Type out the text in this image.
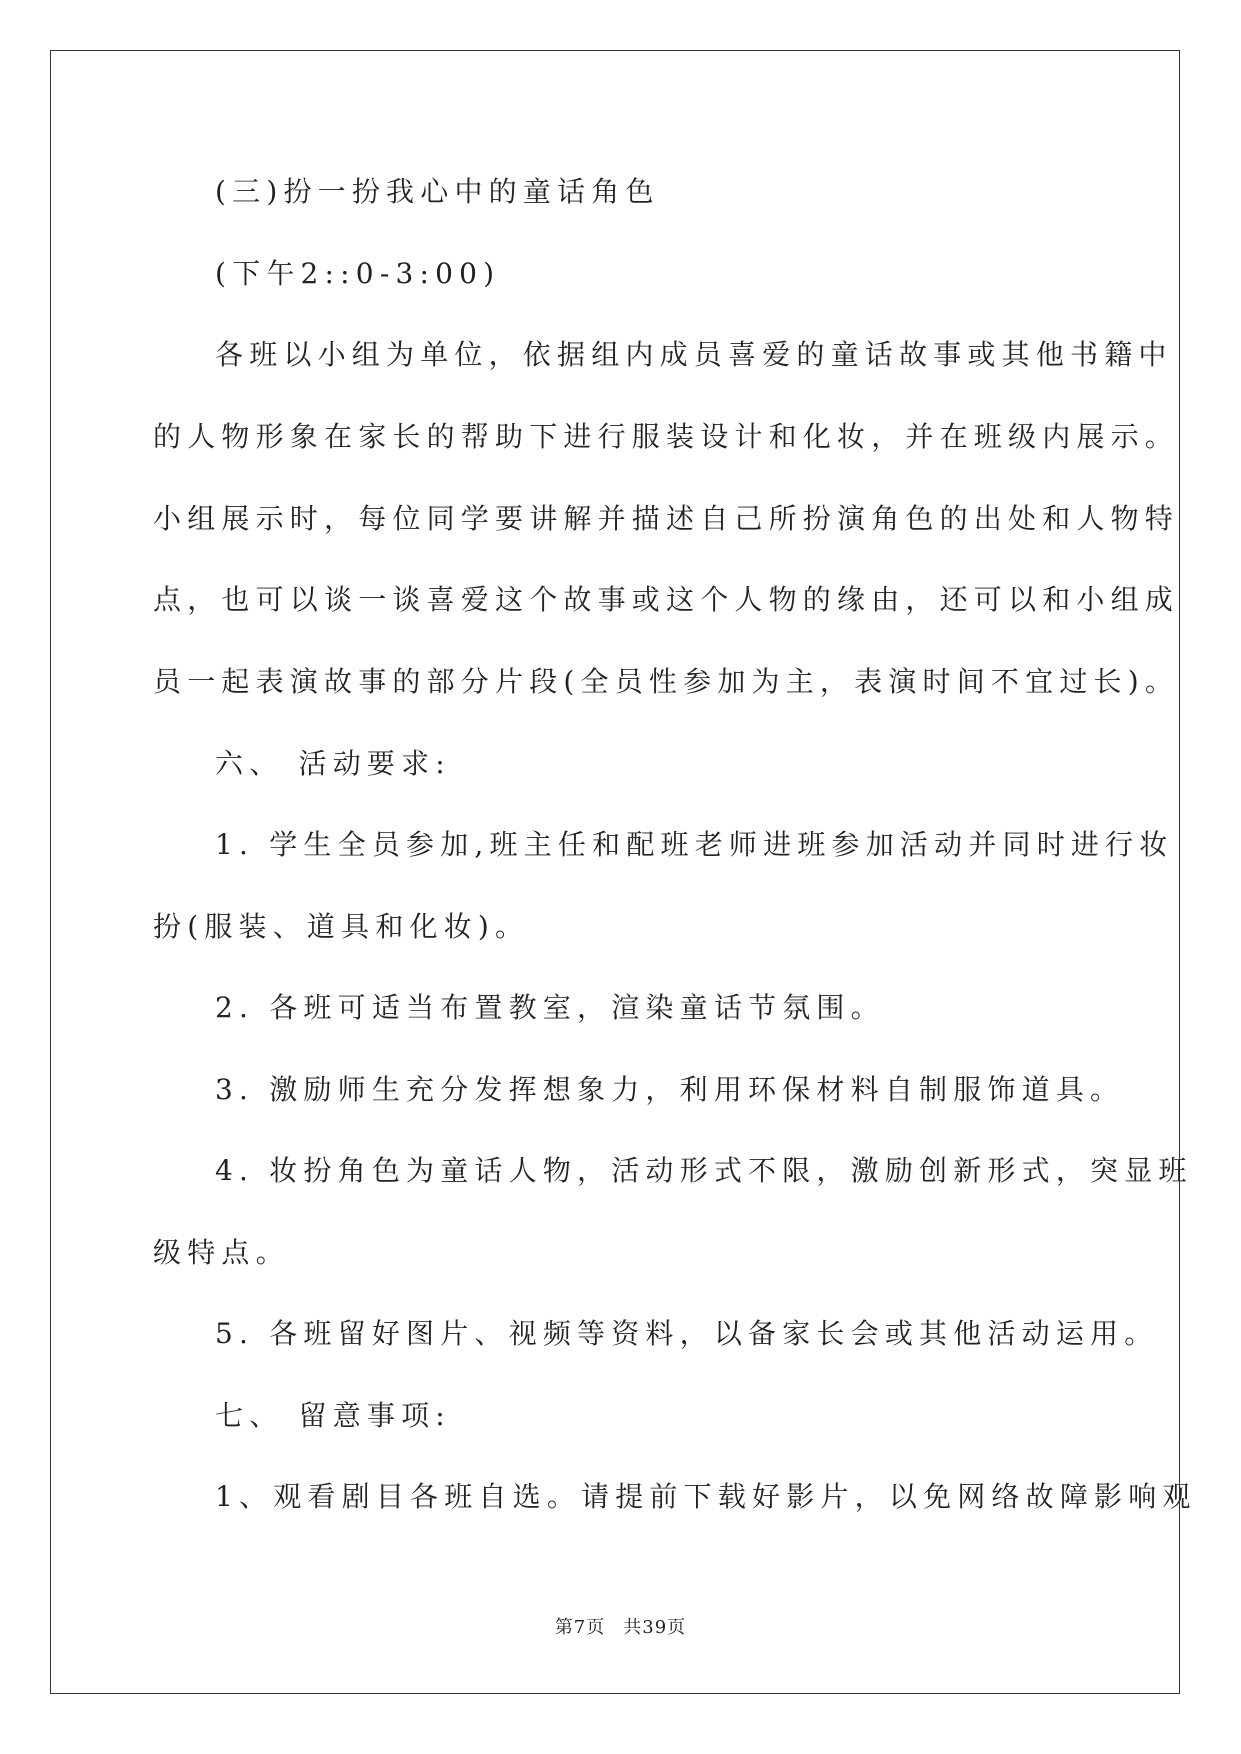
(三)扮一扮我心中的童话角色
(下午2::0-3:00)
各班以小组为单位，依据组内成员喜爱的童话故事或其他书籍中
的人物形象在家长的帮助下进行服装设计和化妆，并在班级内展示。
小组展示时，每位同学要讲解并描述自己所扮演角色的出处和人物特
点，也可以谈一谈喜爱这个故事或这个人物的缘由，还可以和小组成
员一起表演故事的部分片段(全员性参加为主，表演时间不宜过长)。
六、 活动要求:
1. 学生全员参加,班主任和配班老师进班参加活动并同时进行妆
扮(服装、道具和化妆)。
2. 各班可适当布置教室，渲染童话节氛围。
3. 激励师生充分发挥想象力，利用环保材料自制服饰道具。
4. 妆扮角色为童话人物，活动形式不限，激励创新形式，突显班
级特点。
5. 各班留好图片、视频等资料，以备家长会或其他活动运用。
七、 留意事项:
1、观看剧目各班自选。请提前下载好影片，以免网络故障影响观
第7页 共39页
